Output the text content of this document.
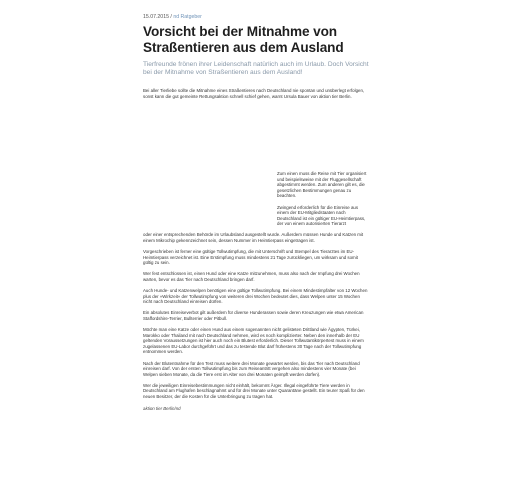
15.07.2015 / nd Ratgeber
Vorsicht bei der Mitnahme von Straßentieren aus dem Ausland

Tierfreunde frönen ihrer Leidenschaft natürlich auch im Urlaub. Doch Vorsicht bei der Mitnahme von Straßentieren aus dem Ausland!

Bei aller Tierliebe sollte die Mitnahme eines Straßentieres nach Deutschland nie spontan und unüberlegt erfolgen, sonst kann die gut gemeinte Rettungsaktion schnell schief gehen, warnt Ursula Bauer von aktion tier Berlin.

Zum einen muss die Reise mit Tier organisiert und beispielsweise mit der Fluggesellschaft abgestimmt werden. Zum anderen gilt es, die gesetzlichen Bestimmungen genau zu beachten.

Zwingend erforderlich für die Einreise aus einem der EU-Mitgliedstaaten nach Deutschland ist ein gültiger EU-Heimtierpass, der von einem autorisierten Tierarzt

oder einer entsprechenden Behörde im Urlaubsland ausgestellt wurde. Außerdem müssen Hunde und Katzen mit einem Mikrochip gekennzeichnet sein, dessen Nummer im Heimtierpass eingetragen ist.

Vorgeschrieben ist ferner eine gültige Tollwutimpfung, die mit Unterschrift und Stempel des Tierarztes im EU-Heimtierpass verzeichnet ist. Eine Erstimpfung muss mindestens 21 Tage zurückliegen, um wirksam und somit gültig zu sein.

Wer fest entschlossen ist, einen Hund oder eine Katze mitzunehmen, muss also nach der Impfung drei Wochen warten, bevor es das Tier nach Deutschland bringen darf.

Auch Hunde- und Katzenwelpen benötigen eine gültige Tollwutimpfung. Bei einem Mindestimpfalter von 12 Wochen plus der »Wirkzeit« der Tollwutimpfung von weiteren drei Wochen bedeutet dies, dass Welpen unter 15 Wochen nicht nach Deutschland einreisen dürfen.

Ein absolutes Einreiseverbot gilt außerdem für diverse Hunderassen sowie deren Kreuzungen wie etwa American Staffordshire-Terrier, Bullterrier oder Pitbull.

Möchte man eine Katze oder einen Hund aus einem sogenannten nicht gelisteten Drittland wie Ägypten, Türkei, Marokko oder Thailand mit nach Deutschland nehmen, wird es noch komplizierter. Neben den innerhalb der EU geltenden Voraussetzungen ist hier auch noch ein Blutest erforderlich. Dieser Tollwutantikörpertest muss in einem zugelassenen EU-Labor durchgeführt und das zu testende Blut darf frühestens 30 Tage nach der Tollwutimpfung entnommen werden.

Nach der Blutentnahme für den Test muss weitere drei Monate gewartet werden, bis das Tier nach Deutschland einreisen darf. Von der ersten Tollwutimpfung bis zum Reiseantritt vergehen also mindestens vier Monate (bei Welpen sieben Monate, da die Tiere erst im Alter von drei Monaten geimpft werden dürfen).

Wer die jeweiligen Einreisebestimmungen nicht einhält, bekommt Ärger. Illegal eingeführte Tiere werden in Deutschland am Flughafen beschlagnahmt und für drei Monate unter Quarantäne gestellt. Ein teurer Spaß für den neuen Besitzer, der die Kosten für die Unterbringung zu tragen hat.

aktion tier Berlin/nd
